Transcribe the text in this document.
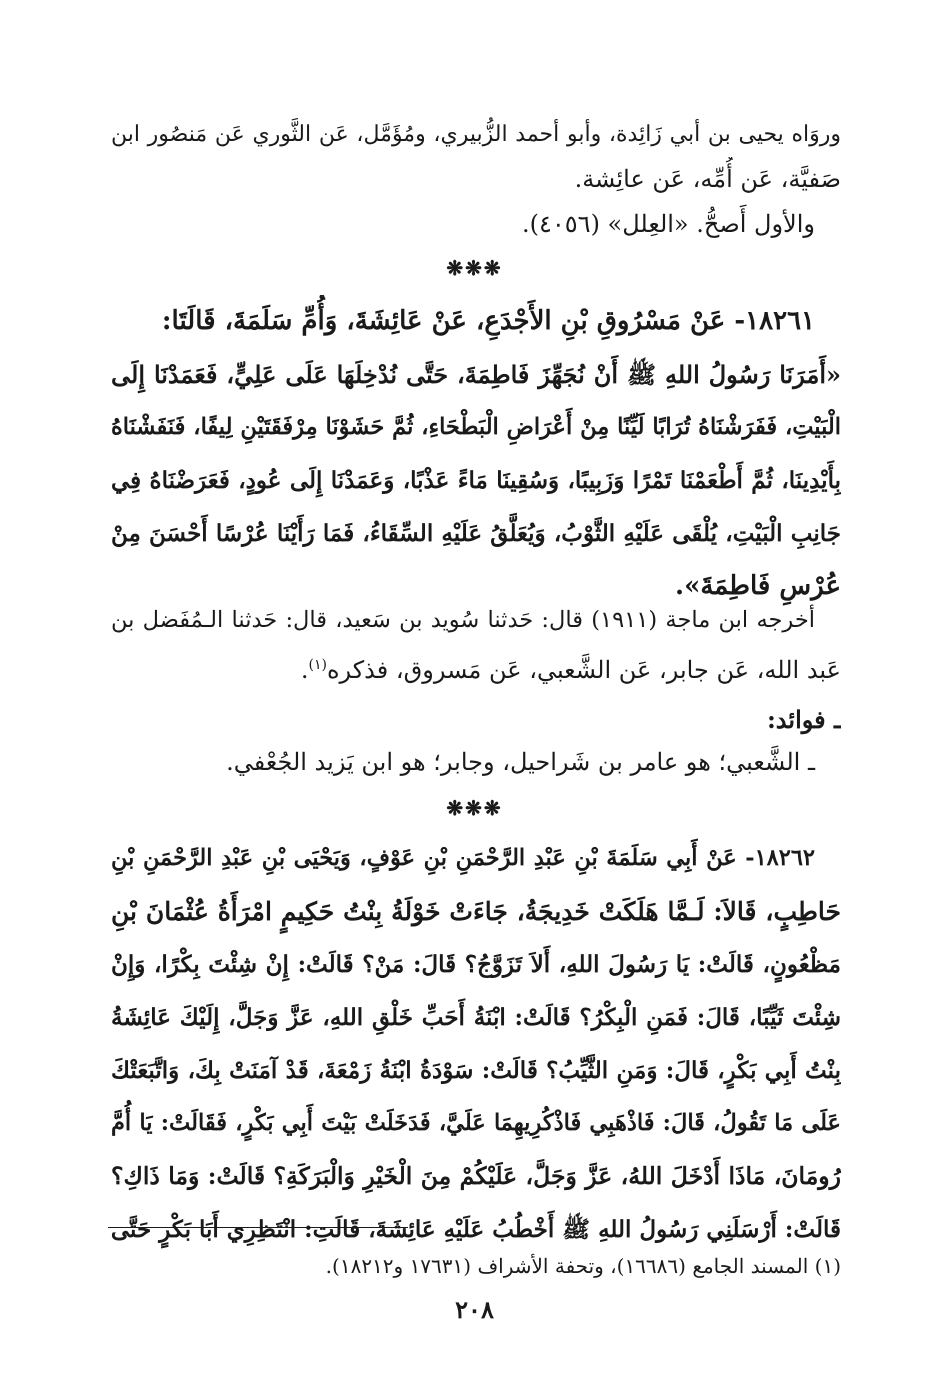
وروَاه يحيى بن أبي زَائِدة، وأبو أحمد الزُّبيري، ومُؤَمَّل، عَن الثَّوري عَن مَنصُور ابن
صَفيَّة، عَن أُمِّه، عَن عائِشة.
والأول أَصحُّ. «العِلل» (٤٠٥٦).
❋❋❋
١٨٢٦١- عَنْ مَسْرُوقِ بْنِ الأَجْدَعِ، عَنْ عَائِشَةَ، وَأُمِّ سَلَمَةَ، قَالَتَا:
«أَمَرَنَا رَسُولُ اللهِ ﷺ أَنْ نُجَهِّزَ فَاطِمَةَ، حَتَّى نُدْخِلَهَا عَلَى عَلِيٍّ، فَعَمَدْنَا إِلَى
الْبَيْتِ، فَفَرَشْنَاهُ تُرَابًا لَيِّنًا مِنْ أَعْرَاضِ الْبَطْحَاءِ، ثُمَّ حَشَوْنَا مِرْفَقَتَيْنِ لِيفًا، فَنَفَشْنَاهُ
بِأَيْدِينَا، ثُمَّ أَطْعَمْنَا تَمْرًا وَزَبِيبًا، وَسُقِينَا مَاءً عَذْبًا، وَعَمَدْنَا إِلَى عُودٍ، فَعَرَضْنَاهُ فِي
جَانِبِ الْبَيْتِ، يُلْقَى عَلَيْهِ الثَّوْبُ، وَيُعَلَّقُ عَلَيْهِ السِّقَاءُ، فَمَا رَأَيْنَا عُرْسًا أَحْسَنَ مِنْ
عُرْسِ فَاطِمَةَ».
أخرجه ابن ماجة (١٩١١) قال: حَدثنا سُويد بن سَعيد، قال: حَدثنا الـمُفَضل بن
عَبد الله، عَن جابر، عَن الشَّعبي، عَن مَسروق، فذكره$^{(١)}$.
ـ فوائد:
ـ الشَّعبي؛ هو عامر بن شَراحيل، وجابر؛ هو ابن يَزيد الجُعْفي.
❋❋❋
١٨٢٦٢- عَنْ أَبِي سَلَمَةَ بْنِ عَبْدِ الرَّحْمَنِ بْنِ عَوْفٍ، وَيَحْيَى بْنِ عَبْدِ الرَّحْمَنِ بْنِ
حَاطِبٍ، قَالاَ: لَـمَّا هَلَكَتْ خَدِيجَةُ، جَاءَتْ خَوْلَةُ بِنْتُ حَكِيمٍ امْرَأَةُ عُثْمَانَ بْنِ
مَظْعُونٍ، قَالَتْ: يَا رَسُولَ اللهِ، أَلاَ تَزَوَّجُ؟ قَالَ: مَنْ؟ قَالَتْ: إِنْ شِئْتَ بِكْرًا، وَإِنْ
شِئْتَ ثَيِّبًا، قَالَ: فَمَنِ الْبِكْرُ؟ قَالَتْ: ابْنَةُ أَحَبِّ خَلْقِ اللهِ، عَزَّ وَجَلَّ، إِلَيْكَ عَائِشَةُ
بِنْتُ أَبِي بَكْرٍ، قَالَ: وَمَنِ الثَّيِّبُ؟ قَالَتْ: سَوْدَةُ ابْنَةُ زَمْعَةَ، قَدْ آمَنَتْ بِكَ، وَاتَّبَعَتْكَ
عَلَى مَا تَقُولُ، قَالَ: فَاذْهَبِي فَاذْكُرِيهِمَا عَلَيَّ، فَدَخَلَتْ بَيْتَ أَبِي بَكْرٍ، فَقَالَتْ: يَا أُمَّ
رُومَانَ، مَاذَا أَدْخَلَ اللهُ، عَزَّ وَجَلَّ، عَلَيْكُمْ مِنَ الْخَيْرِ وَالْبَرَكَةِ؟ قَالَتْ: وَمَا ذَاكِ؟
قَالَتْ: أَرْسَلَنِي رَسُولُ اللهِ ﷺ أَخْطُبُ عَلَيْهِ عَائِشَةَ، قَالَتِ: انْتَظِرِي أَبَا بَكْرٍ حَتَّى
(١) المسند الجامع (١٦٦٨٦)، وتحفة الأشراف (١٧٦٣١ و١٨٢١٢).
٢٠٨
